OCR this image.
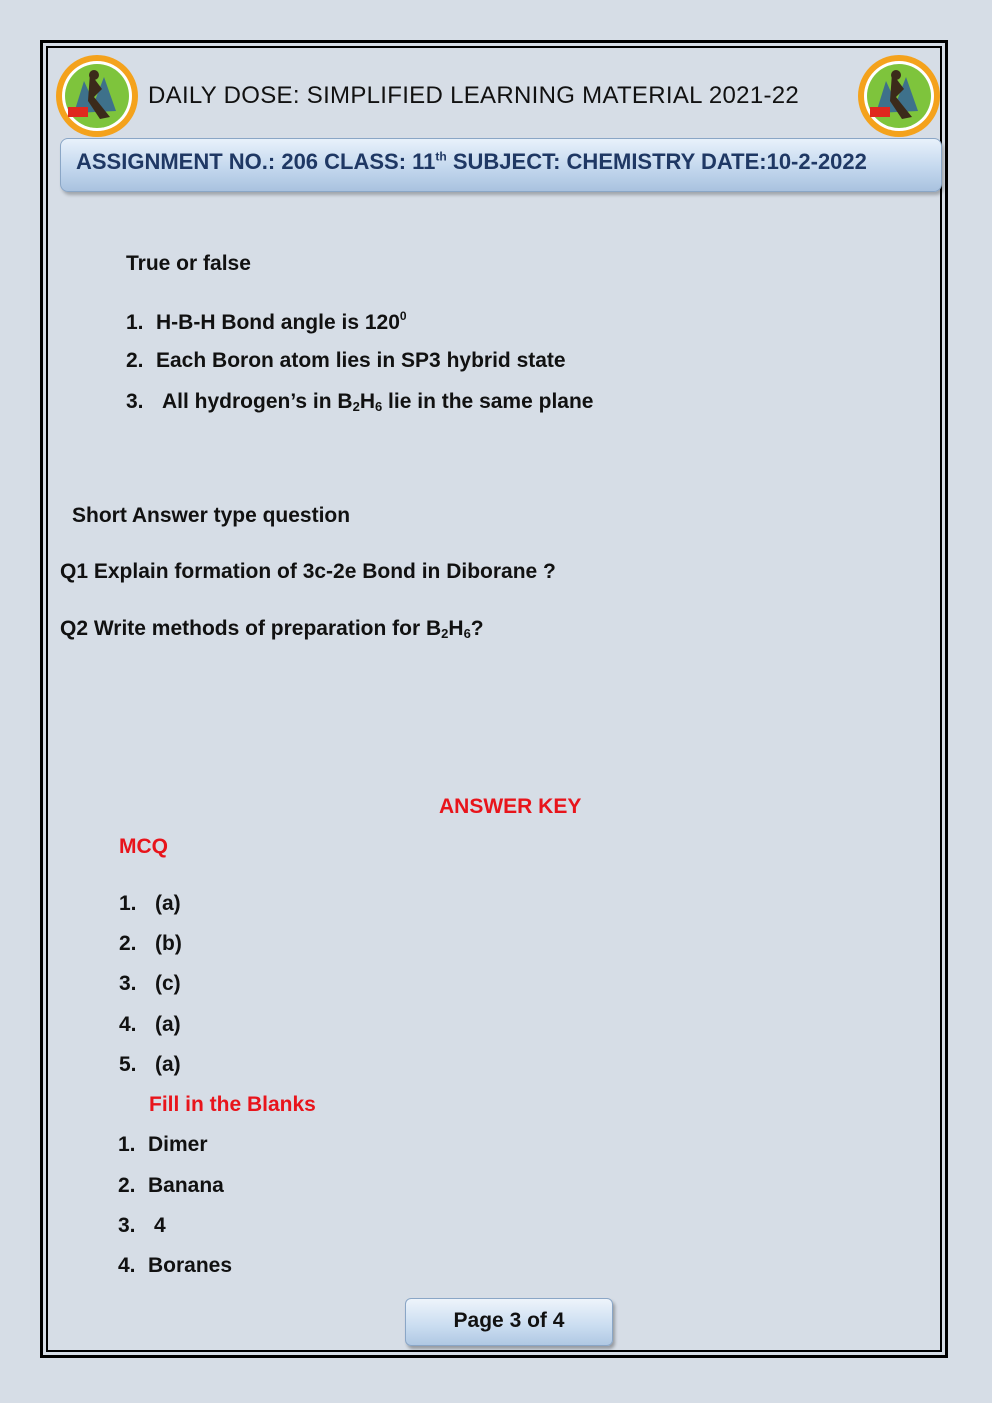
DAILY DOSE: SIMPLIFIED LEARNING MATERIAL 2021-22
ASSIGNMENT NO.: 206 CLASS: 11th SUBJECT: CHEMISTRY DATE:10-2-2022
True or false
1. H-B-H Bond angle is $120^0$
2. Each Boron atom lies in SP3 hybrid state
3. All hydrogen’s in $B_2H_6$ lie in the same plane
Short Answer type question
Q1 Explain formation of 3c-2e Bond in Diborane ?
Q2 Write methods of preparation for $B_2H_6$?
ANSWER KEY
MCQ
1. (a)
2. (b)
3. (c)
4. (a)
5. (a)
Fill in the Blanks
1. Dimer
2. Banana
3. 4
4. Boranes
Page 3 of 4
